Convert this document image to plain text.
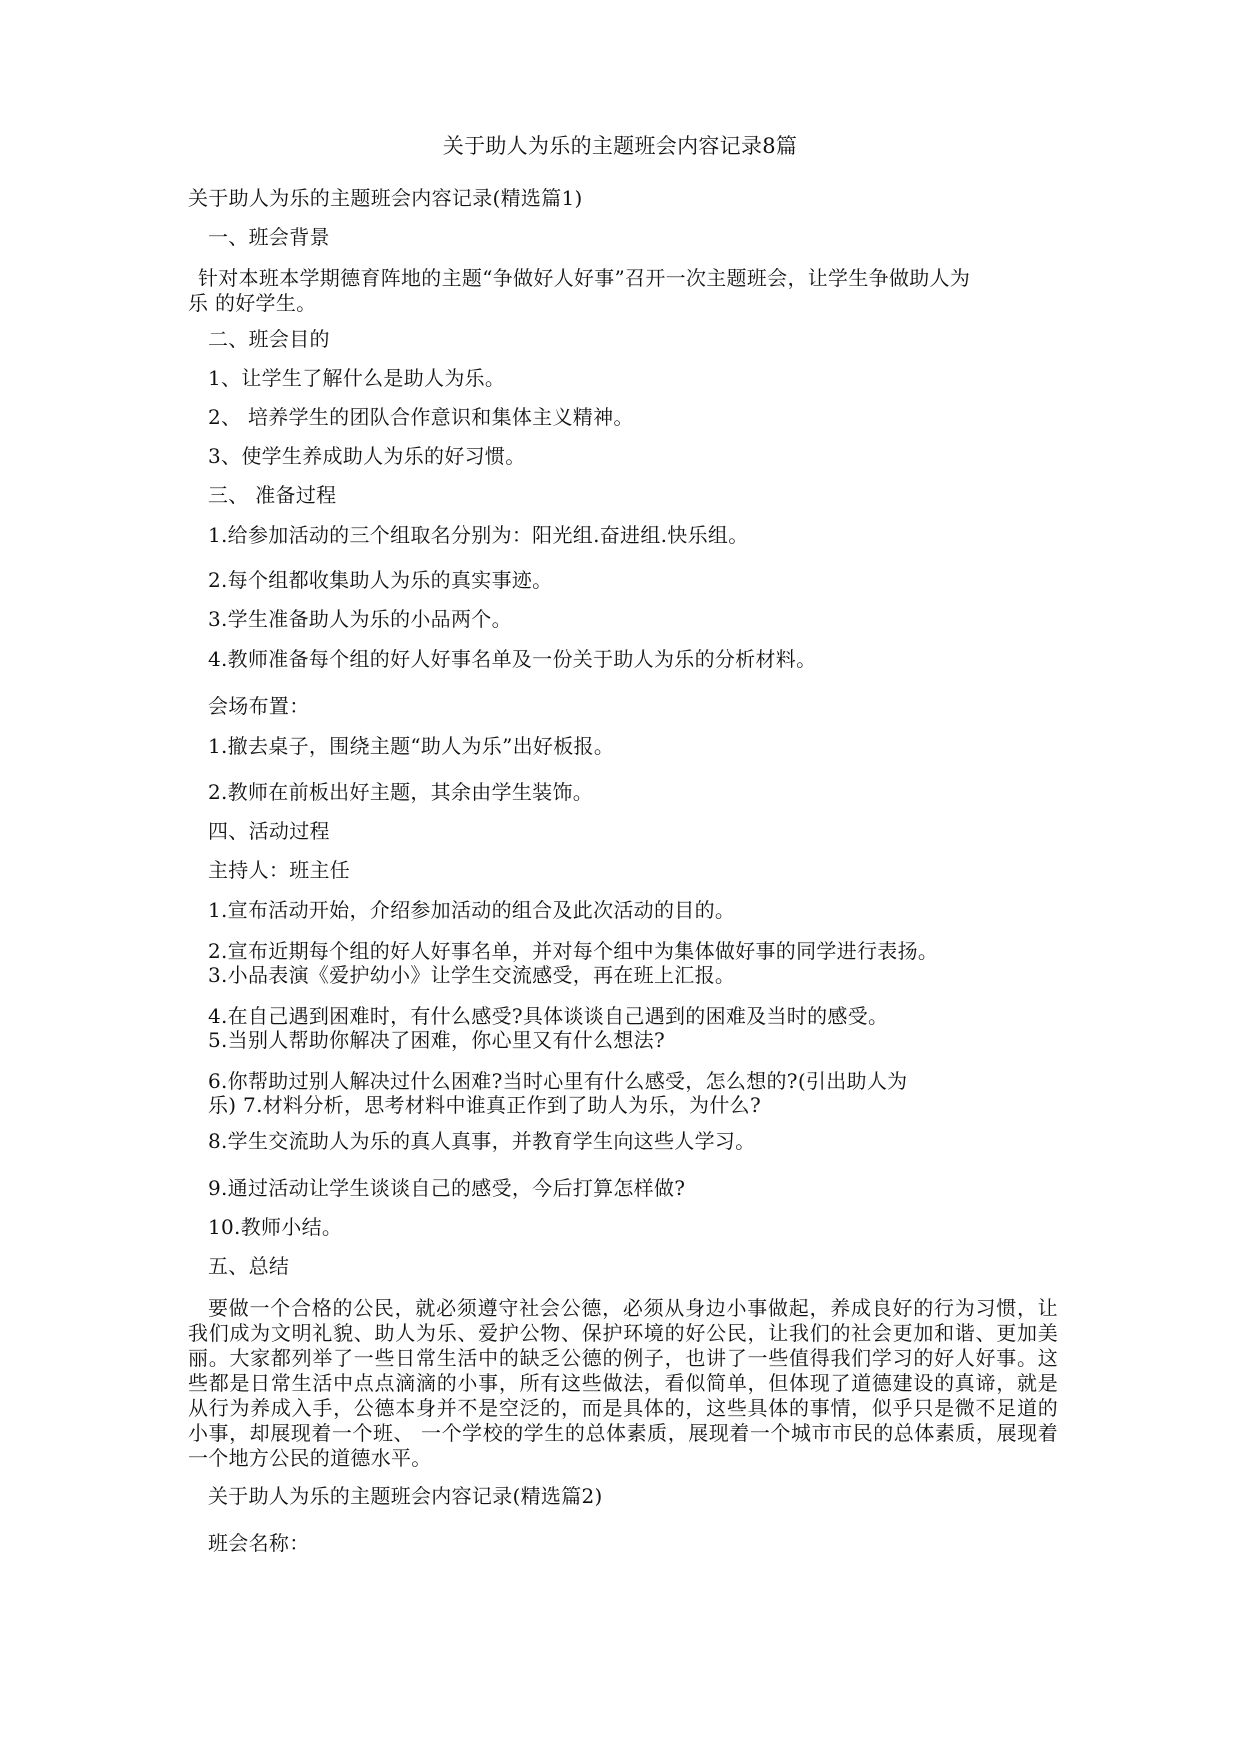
关于助人为乐的主题班会内容记录8篇
关于助人为乐的主题班会内容记录(精选篇1)
一、班会背景
针对本班本学期德育阵地的主题“争做好人好事”召开一次主题班会，让学生争做助人为
乐 的好学生。
二、班会目的
1、让学生了解什么是助人为乐。
2、 培养学生的团队合作意识和集体主义精神。
3、使学生养成助人为乐的好习惯。
三、 准备过程
1.给参加活动的三个组取名分别为：阳光组.奋进组.快乐组。
2.每个组都收集助人为乐的真实事迹。
3.学生准备助人为乐的小品两个。
4.教师准备每个组的好人好事名单及一份关于助人为乐的分析材料。
会场布置：
1.撤去桌子，围绕主题“助人为乐”出好板报。
2.教师在前板出好主题，其余由学生装饰。
四、活动过程
主持人：班主任
1.宣布活动开始，介绍参加活动的组合及此次活动的目的。
2.宣布近期每个组的好人好事名单，并对每个组中为集体做好事的同学进行表扬。
3.小品表演《爱护幼小》让学生交流感受，再在班上汇报。
4.在自己遇到困难时，有什么感受?具体谈谈自己遇到的困难及当时的感受。
5.当别人帮助你解决了困难，你心里又有什么想法?
6.你帮助过别人解决过什么困难?当时心里有什么感受，怎么想的?(引出助人为
乐) 7.材料分析，思考材料中谁真正作到了助人为乐，为什么?
8.学生交流助人为乐的真人真事，并教育学生向这些人学习。
9.通过活动让学生谈谈自己的感受，今后打算怎样做?
10.教师小结。
五、总结
要做一个合格的公民，就必须遵守社会公德，必须从身边小事做起，养成良好的行为习惯，让我们成为文明礼貌、助人为乐、爱护公物、保护环境的好公民，让我们的社会更加和谐、更加美丽。大家都列举了一些日常生活中的缺乏公德的例子，也讲了一些值得我们学习的好人好事。这些都是日常生活中点点滴滴的小事，所有这些做法，看似简单，但体现了道德建设的真谛，就是从行为养成入手，公德本身并不是空泛的，而是具体的，这些具体的事情，似乎只是微不足道的小事，却展现着一个班、 一个学校的学生的总体素质，展现着一个城市市民的总体素质，展现着一个地方公民的道德水平。
关于助人为乐的主题班会内容记录(精选篇2)
班会名称：
